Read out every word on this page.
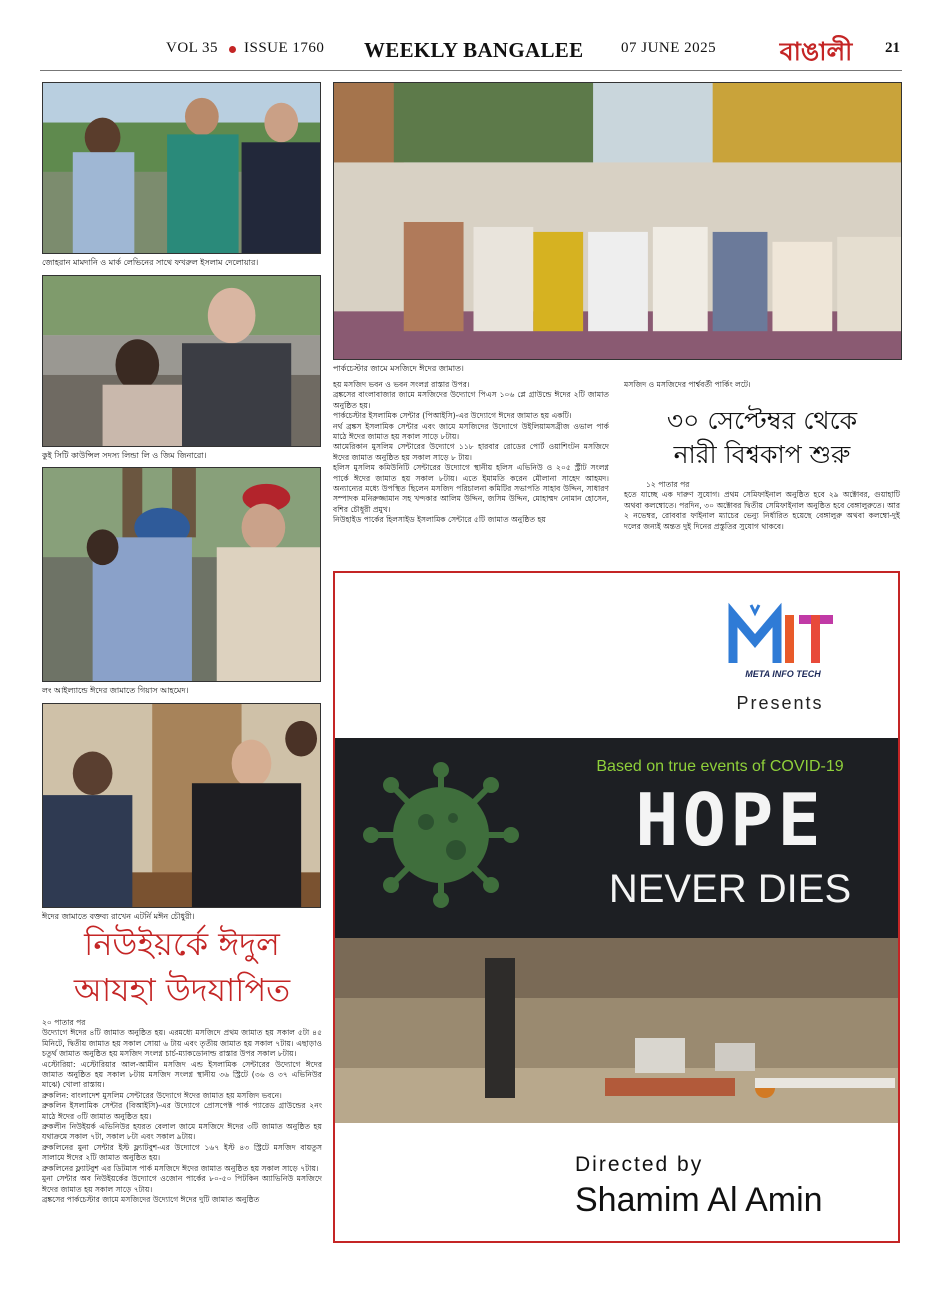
VOL 35 ISSUE 1760 WEEKLY BANGALEE	07 JUNE 2025	বাঙালী	21
জোহরান মামদানি ও মার্ক লেভিনের সাথে ফখরুল ইসলাম দেলোয়ার।
কুই সিটি কাউন্সিল সদস্য লিন্ডা লি ও জিম জিনারো।
লং আইল্যান্ডে ঈদের জামাতে গিয়াস আহমেদ।
ঈদের জামাতে বক্তব্য রাখেন এটর্নি মঈন চৌধুরী।
নিউইয়র্কে ঈদুল
আযহা উদযাপিত

২০ পাতার পর

উদ্যোগে ঈদের ৪টি জামাত অনুষ্ঠিত হয়। এরমধ্যে মসজিদে প্রথম জামাত হয় সকাল ৫টা ৪৫ মিনিটে, দ্বিতীয় জামাত হয় সকাল সোয়া ৬ টায় এবং তৃতীয় জামাত হয় সকাল ৭টায়। এছাড়াও চতুর্থ জামাত অনুষ্ঠিত হয় মসজিদ সংলগ্ন চার্চ-ম্যাকডোনাল্ড রাস্তার উপর সকাল ৮টায়।

এস্টোরিয়া: এস্টোরিয়ার আল-আমীন মসজিদ এন্ড ইসলামিক সেন্টারের উদ্যোগে ঈদের জামাত অনুষ্ঠিত হয় সকাল ৮টায় মসজিদ সংলগ্ন স্থানীয় ৩৬ স্ট্রিটে (৩৬ ও ৩৭ এভিনিউর মাঝে) খোলা রাস্তায়।

ব্রুকলিন: বাংলাদেশ মুসলিম সেন্টারের উদ্যোগে ঈদের জামাত হয় মসজিদ ভবনে।

ব্রুকলিন ইসলামিক সেন্টার (বিআইসি)-এর উদ্যোগে প্রোসপেক্ট পার্ক প্যারেড গ্রাউন্ডের ২নং মাঠে ঈদের ৩টি জামাত অনুষ্ঠিত হয়।

ব্রুকলীন নিউইয়র্ক এভিনিউর হযরত বেলাল জামে মসজিদে ঈদের ৩টি জামাত অনুষ্ঠিত হয় যথাক্রমে সকাল ৭টা, সকাল ৮টা এবং সকাল ৯টায়।

ব্রুকলিনের মুনা সেন্টার ইস্ট ফ্ল্যাটবুশ-এর উদ্যোগে ১৬৭ ইস্ট ৪৩ স্ট্রিটে মসজিদ বায়তুস সালামে ঈদের ২টি জামাত অনুষ্ঠিত হয়।

ব্রুকলিনের ফ্ল্যাটবুশ এর ডিটমাস পার্ক মসজিদে ঈদের জামাত অনুষ্ঠিত হয় সকাল সাড়ে ৭টায়।

মুনা সেন্টার অব নিউইয়র্কের উদ্যোগে ওজোন পার্কের ৮০-৫০ পিটকিন অ্যাভিনিউ মসজিদে ঈদের জামাত হয় সকাল সাড়ে ৭টায়।

ব্রঙ্কসের পার্কচেস্টার জামে মসজিদের উদ্যোগে ঈদের দুটি জামাত অনুষ্ঠিত

পার্কচেস্টার জামে মসজিদে ঈদের জামাত।

হয় মসজিদ ভবন ও ভবন সংলগ্ন রাস্তার উপর।

ব্রঙ্কসের বাংলাবাজার জামে মসজিদের উদ্যোগে পিএস ১০৬ প্লে গ্রাউন্ডে ঈদের ২টি জামাত অনুষ্ঠিত হয়।

পার্কচেস্টার ইসলামিক সেন্টার (পিআইসি)-এর উদ্যোগে ঈদের জামাত হয় একটি।

নর্থ ব্রঙ্কস ইসলামিক সেন্টার এবং জামে মসজিদের উদ্যোগে উইলিয়ামসব্রীজ ওভাল পার্ক মাঠে ঈদের জামাত হয় সকাল সাড়ে ৮টায়।

আমেরিকান মুসলিম সেন্টারের উদ্যোগে ১১৮ হারবার রোডের পোর্ট ওয়াশিংটন মসজিদে ঈদের জামাত অনুষ্ঠিত হয় সকাল সাড়ে ৮ টায়।

হলিস মুসলিম কমিউনিটি সেন্টারের উদ্যোগে স্থানীয় হলিস এভিনিউ ও ২০৫ স্ট্রীট সংলগ্ন পার্কে ঈদের জামাত হয় সকাল ৮টায়। এতে ইমামতি করেন মৌলানা সাহেদ আহমদ। অন্যান্যের মধ্যে উপস্থিত ছিলেন মসজিদ পরিচালনা কমিটির সভাপতি সাহাব উদ্দিন, সাধারণ সম্পাদক মনিরুজ্জামান সহ খন্দকার আলিম উদ্দিন, জসিম উদ্দিন, মোহাম্মদ নোমান হোসেন, বশির চৌধুরী প্রমুখ।

নিউহাইড পার্কের হিলসাইড ইসলামিক সেন্টারে ৫টি জামাত অনুষ্ঠিত হয়

মসজিদ ও মসজিদের পার্শ্ববর্তী পার্কিং লটে।
৩০ সেপ্টেম্বর থেকে
নারী বিশ্বকাপ শুরু

১২ পাতার পর

হতে যাচ্ছে এক দারুণ সুযোগ। প্রথম সেমিফাইনাল অনুষ্ঠিত হবে ২৯ অক্টোবর, গুয়াহাটি অথবা কলম্বোতে। পরদিন, ৩০ অক্টোবর দ্বিতীয় সেমিফাইনাল অনুষ্ঠিত হবে বেঙ্গালুরুতে। আর ২ নভেম্বর, রোববার ফাইনাল ম্যাচের ভেন্যু নির্ধারিত হয়েছে বেঙ্গালুরু অথবা কলম্বো-দুই দলের জন্যই অন্তত দুই দিনের প্রস্তুতির সুযোগ থাকবে।

META INFO TECH
Presents
Based on true events of COVID-19
HOPE
NEVER DIES
Directed by
Shamim Al Amin
